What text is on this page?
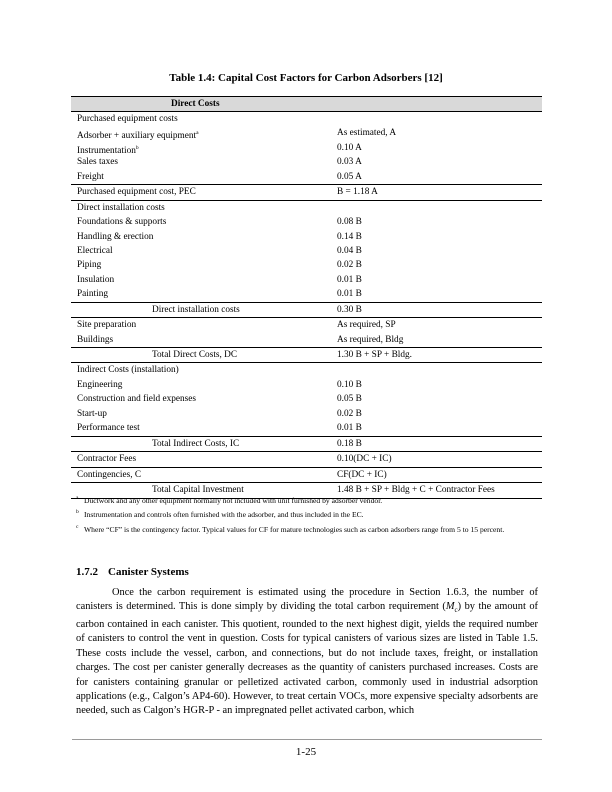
Table 1.4: Capital Cost Factors for Carbon Adsorbers [12]
Direct Costs
Purchased equipment costs
Adsorber + auxiliary equipment$^a$	As estimated, A
Instrumentation$^b$	0.10 A
Sales taxes	0.03 A
Freight	0.05 A
Purchased equipment cost, PEC	B = 1.18 A
Direct installation costs
Foundations & supports	0.08 B
Handling & erection	0.14 B
Electrical	0.04 B
Piping	0.02 B
Insulation	0.01 B
Painting	0.01 B
Direct installation costs	0.30 B
Site preparation	As required, SP
Buildings	As required, Bldg
Total Direct Costs, DC	1.30 B + SP + Bldg.
Indirect Costs (installation)
Engineering	0.10 B
Construction and field expenses	0.05 B
Start-up	0.02 B
Performance test	0.01 B
Total Indirect Costs, IC	0.18 B
Contractor Fees	0.10(DC + IC)
Contingencies, C	CF(DC + IC)
Total Capital Investment	1.48 B + SP + Bldg + C + Contractor Fees
a Ductwork and any other equipment normally not included with unit furnished by adsorber vendor.
b Instrumentation and controls often furnished with the adsorber, and thus included in the EC.
c Where “CF” is the contingency factor. Typical values for CF for mature technologies such as carbon adsorbers range from 5 to 15 percent.
1.7.2 Canister Systems
Once the carbon requirement is estimated using the procedure in Section 1.6.3, the number of canisters is determined. This is done simply by dividing the total carbon requirement $(M_c)$ by the amount of carbon contained in each canister. This quotient, rounded to the next highest digit, yields the required number of canisters to control the vent in question. Costs for typical canisters of various sizes are listed in Table 1.5. These costs include the vessel, carbon, and connections, but do not include taxes, freight, or installation charges. The cost per canister generally decreases as the quantity of canisters purchased increases. Costs are for canisters containing granular or pelletized activated carbon, commonly used in industrial adsorption applications (e.g., Calgon’s AP4-60). However, to treat certain VOCs, more expensive specialty adsorbents are needed, such as Calgon’s HGR-P - an impregnated pellet activated carbon, which
1-25
